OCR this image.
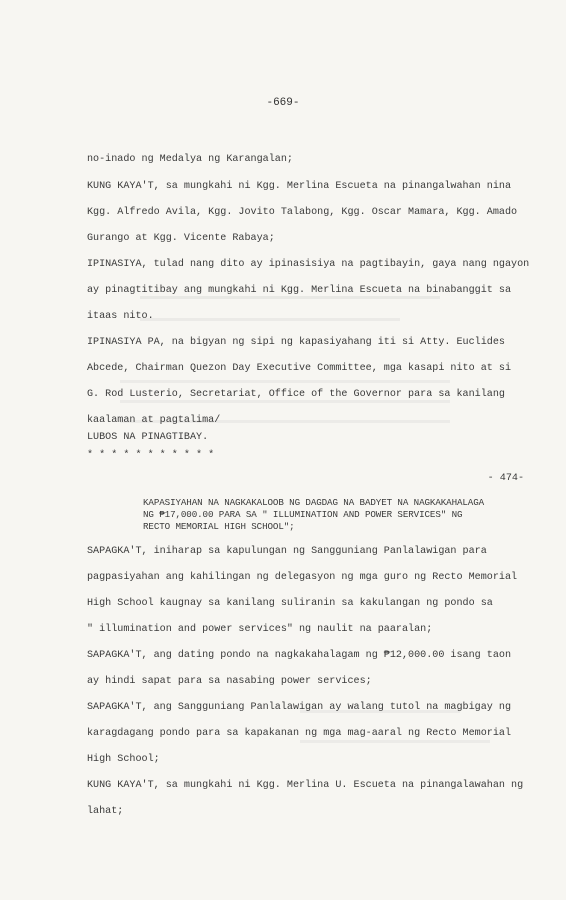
-669-
no-inado ng Medalya ng Karangalan;
KUNG KAYA'T, sa mungkahi ni Kgg. Merlina Escueta na pinangalwahan nina
Kgg. Alfredo Avila, Kgg. Jovito Talabong, Kgg. Oscar Mamara, Kgg. Amado
Gurango at Kgg. Vicente Rabaya;
IPINASIYA, tulad nang dito ay ipinasisiya na pagtibayin, gaya nang ngayon
ay pinagtitibay ang mungkahi ni Kgg. Merlina Escueta na binabanggit sa
itaas nito.
IPINASIYA PA, na bigyan ng sipi ng kapasiyahang iti si Atty. Euclides
Abcede, Chairman Quezon Day Executive Committee, mga kasapi nito at si
G. Rod Lusterio, Secretariat, Office of the Governor para sa kanilang
kaalaman at pagtalima/
LUBOS NA PINAGTIBAY.
* * * * * * * * * * *
- 474-
KAPASIYAHAN NA NAGKAKALOOB NG DAGDAG NA BADYET NA NAGKAKAHALAGA
NG ₱17,000.00 PARA SA " ILLUMINATION AND POWER SERVICES" NG
RECTO MEMORIAL HIGH SCHOOL";
SAPAGKA'T, iniharap sa kapulungan ng Sangguniang Panlalawigan para
pagpasiyahan ang kahilingan ng delegasyon ng mga guro ng Recto Memorial
High School kaugnay sa kanilang suliranin sa kakulangan ng pondo sa
" illumination and power services" ng naulit na paaralan;
SAPAGKA'T, ang dating pondo na nagkakahalagam ng ₱12,000.00 isang taon
ay hindi sapat para sa nasabing power services;
SAPAGKA'T, ang Sangguniang Panlalawigan ay walang tutol na magbigay ng
karagdagang pondo para sa kapakanan ng mga mag-aaral ng Recto Memorial
High School;
KUNG KAYA'T, sa mungkahi ni Kgg. Merlina U. Escueta na pinangalawahan ng
lahat;
